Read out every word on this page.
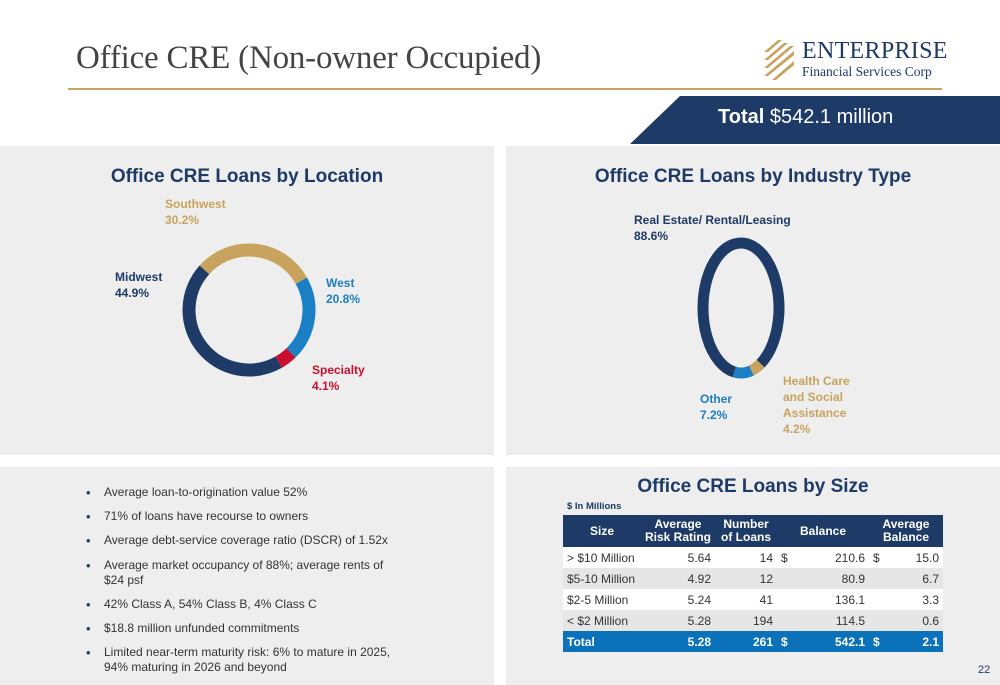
Office CRE (Non-owner Occupied)	ENTERPRISE
Financial Services Corp
Total $542.1 million
Office CRE Loans by Location
Southwest
30.2%
West
20.8%
Specialty
4.1%
Midwest
44.9%
Office CRE Loans by Industry Type
Real Estate/ Rental/Leasing
88.6%
Health Care
and Social
Assistance
4.2%
Other
7.2%
• Average loan-to-origination value 52%
• 71% of loans have recourse to owners
• Average debt-service coverage ratio (DSCR) of 1.52x
• Average market occupancy of 88%; average rents of $24 psf
• 42% Class A, 54% Class B, 4% Class C
• $18.8 million unfunded commitments
• Limited near-term maturity risk: 6% to mature in 2025, 94% maturing in 2026 and beyond
Office CRE Loans by Size
$ In Millions
Size	Average Risk Rating	Number of Loans	Balance		Average Balance	
> $10 Million	5.64	14	$	210.6	$	15.0
$5-10 Million	4.92	12		80.9		6.7
$2-5 Million	5.24	41		136.1		3.3
< $2 Million	5.28	194		114.5		0.6
Total	5.28	261	$	542.1	$	2.1
22
